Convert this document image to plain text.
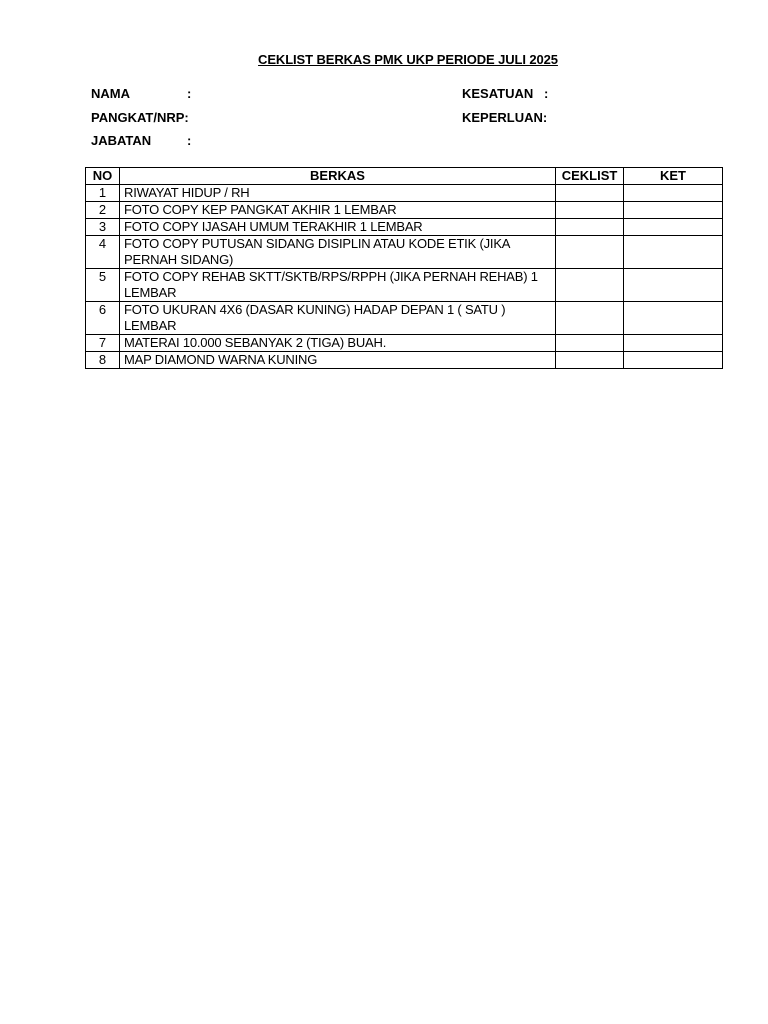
CEKLIST BERKAS PMK UKP PERIODE JULI 2025
NAMA	:
PANGKAT/NRP:
JABATAN	:
KESATUAN :
KEPERLUAN:
NO	BERKAS	CEKLIST	KET
1	RIWAYAT HIDUP / RH		
2	FOTO COPY KEP PANGKAT AKHIR 1 LEMBAR		
3	FOTO COPY IJASAH UMUM TERAKHIR 1 LEMBAR		
4	FOTO COPY PUTUSAN SIDANG DISIPLIN ATAU KODE ETIK (JIKA PERNAH SIDANG)		
5	FOTO COPY REHAB SKTT/SKTB/RPS/RPPH (JIKA PERNAH REHAB) 1 LEMBAR		
6	FOTO UKURAN 4X6 (DASAR KUNING) HADAP DEPAN 1 ( SATU ) LEMBAR		
7	MATERAI 10.000 SEBANYAK 2 (TIGA) BUAH.		
8	MAP DIAMOND WARNA KUNING		
